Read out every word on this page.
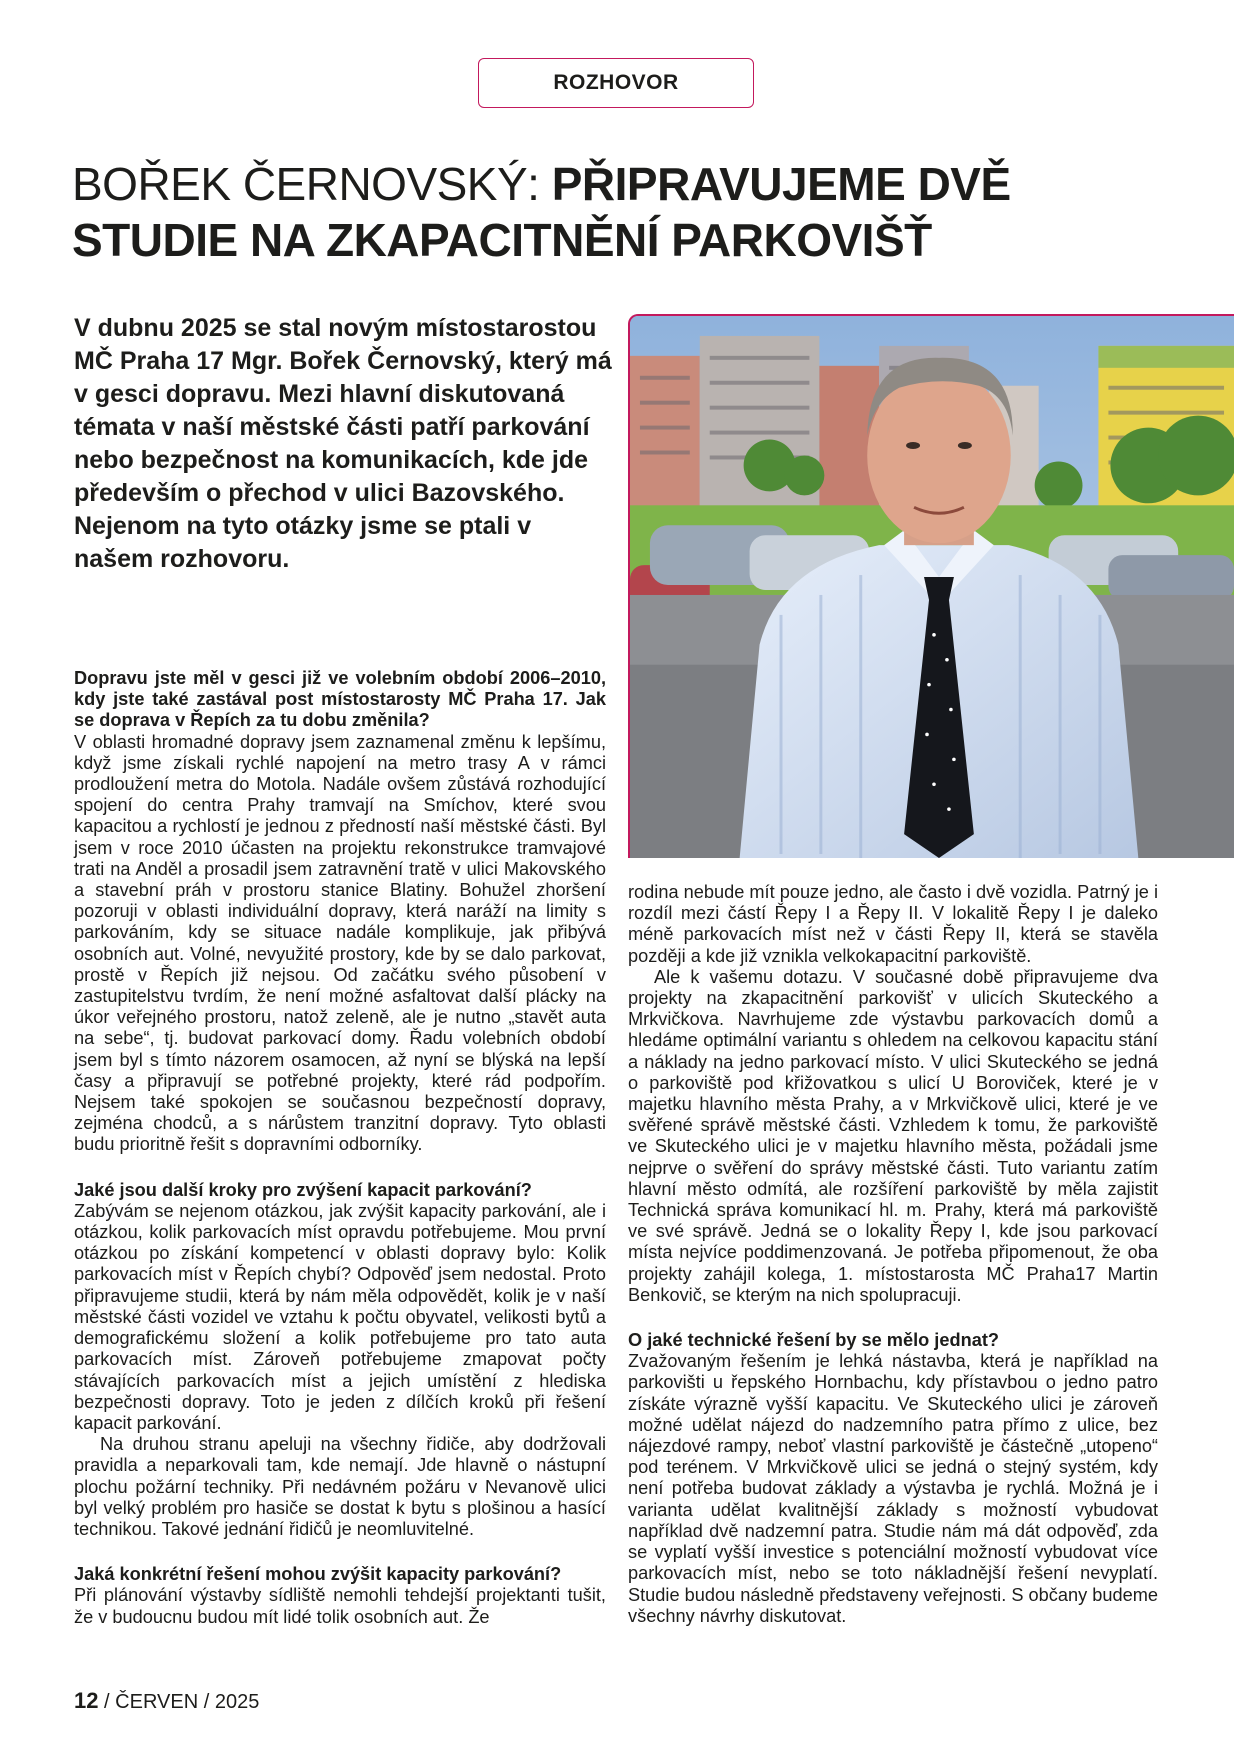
ROZHOVOR
BOŘEK ČERNOVSKÝ: PŘIPRAVUJEME DVĚ STUDIE NA ZKAPACITNĚNÍ PARKOVIŠŤ
V dubnu 2025 se stal novým místostarostou MČ Praha 17 Mgr. Bořek Černovský, který má v gesci dopravu. Mezi hlavní diskutovaná témata v naší městské části patří parkování nebo bezpečnost na komunikacích, kde jde především o přechod v ulici Bazovského. Nejenom na tyto otázky jsme se ptali v našem rozhovoru.
Dopravu jste měl v gesci již ve volebním období 2006–2010, kdy jste také zastával post místostarosty MČ Praha 17. Jak se doprava v Řepích za tu dobu změnila?

V oblasti hromadné dopravy jsem zaznamenal změnu k lepšímu, když jsme získali rychlé napojení na metro trasy A v rámci prodloužení metra do Motola. Nadále ovšem zůstává rozhodující spojení do centra Prahy tramvají na Smíchov, které svou kapacitou a rychlostí je jednou z předností naší městské části. Byl jsem v roce 2010 účasten na projektu rekonstrukce tramvajové trati na Anděl a prosadil jsem zatravnění tratě v ulici Makovského a stavební práh v prostoru stanice Blatiny. Bohužel zhoršení pozoruji v oblasti individuální dopravy, která naráží na limity s parkováním, kdy se situace nadále komplikuje, jak přibývá osobních aut. Volné, nevyužité prostory, kde by se dalo parkovat, prostě v Řepích již nejsou. Od začátku svého působení v zastupitelstvu tvrdím, že není možné asfaltovat další plácky na úkor veřejného prostoru, natož zeleně, ale je nutno „stavět auta na sebe“, tj. budovat parkovací domy. Řadu volebních období jsem byl s tímto názorem osamocen, až nyní se blýská na lepší časy a připravují se potřebné projekty, které rád podpořím. Nejsem také spokojen se současnou bezpečností dopravy, zejména chodců, a s nárůstem tranzitní dopravy. Tyto oblasti budu prioritně řešit s dopravními odborníky.

Jaké jsou další kroky pro zvýšení kapacit parkování?

Zabývám se nejenom otázkou, jak zvýšit kapacity parkování, ale i otázkou, kolik parkovacích míst opravdu potřebujeme. Mou první otázkou po získání kompetencí v oblasti dopravy bylo: Kolik parkovacích míst v Řepích chybí? Odpověď jsem nedostal. Proto připravujeme studii, která by nám měla odpovědět, kolik je v naší městské části vozidel ve vztahu k počtu obyvatel, velikosti bytů a demografickému složení a kolik potřebujeme pro tato auta parkovacích míst. Zároveň potřebujeme zmapovat počty stávajících parkovacích míst a jejich umístění z hlediska bezpečnosti dopravy. Toto je jeden z dílčích kroků při řešení kapacit parkování.

Na druhou stranu apeluji na všechny řidiče, aby dodržovali pravidla a neparkovali tam, kde nemají. Jde hlavně o nástupní plochu požární techniky. Při nedávném požáru v Nevanově ulici byl velký problém pro hasiče se dostat k bytu s plošinou a hasící technikou. Takové jednání řidičů je neomluvitelné.

Jaká konkrétní řešení mohou zvýšit kapacity parkování?

Při plánování výstavby sídliště nemohli tehdejší projektanti tušit, že v budoucnu budou mít lidé tolik osobních aut. Že

rodina nebude mít pouze jedno, ale často i dvě vozidla. Patrný je i rozdíl mezi částí Řepy I a Řepy II. V lokalitě Řepy I je daleko méně parkovacích míst než v části Řepy II, která se stavěla později a kde již vznikla velkokapacitní parkoviště.

Ale k vašemu dotazu. V současné době připravujeme dva projekty na zkapacitnění parkovišť v ulicích Skuteckého a Mrkvičkova. Navrhujeme zde výstavbu parkovacích domů a hledáme optimální variantu s ohledem na celkovou kapacitu stání a náklady na jedno parkovací místo. V ulici Skuteckého se jedná o parkoviště pod křižovatkou s ulicí U Boroviček, které je v majetku hlavního města Prahy, a v Mrkvičkově ulici, které je ve svěřené správě městské části. Vzhledem k tomu, že parkoviště ve Skuteckého ulici je v majetku hlavního města, požádali jsme nejprve o svěření do správy městské části. Tuto variantu zatím hlavní město odmítá, ale rozšíření parkoviště by měla zajistit Technická správa komunikací hl. m. Prahy, která má parkoviště ve své správě. Jedná se o lokality Řepy I, kde jsou parkovací místa nejvíce poddimenzovaná. Je potřeba připomenout, že oba projekty zahájil kolega, 1. místostarosta MČ Praha17 Martin Benkovič, se kterým na nich spolupracuji.

O jaké technické řešení by se mělo jednat?

Zvažovaným řešením je lehká nástavba, která je například na parkovišti u řepského Hornbachu, kdy přístavbou o jedno patro získáte výrazně vyšší kapacitu. Ve Skuteckého ulici je zároveň možné udělat nájezd do nadzemního patra přímo z ulice, bez nájezdové rampy, neboť vlastní parkoviště je částečně „utopeno“ pod terénem. V Mrkvičkově ulici se jedná o stejný systém, kdy není potřeba budovat základy a výstavba je rychlá. Možná je i varianta udělat kvalitnější základy s možností vybudovat například dvě nadzemní patra. Studie nám má dát odpověď, zda se vyplatí vyšší investice s potenciální možností vybudovat více parkovacích míst, nebo se toto nákladnější řešení nevyplatí. Studie budou následně představeny veřejnosti. S občany budeme všechny návrhy diskutovat.

12 / ČERVEN / 2025
